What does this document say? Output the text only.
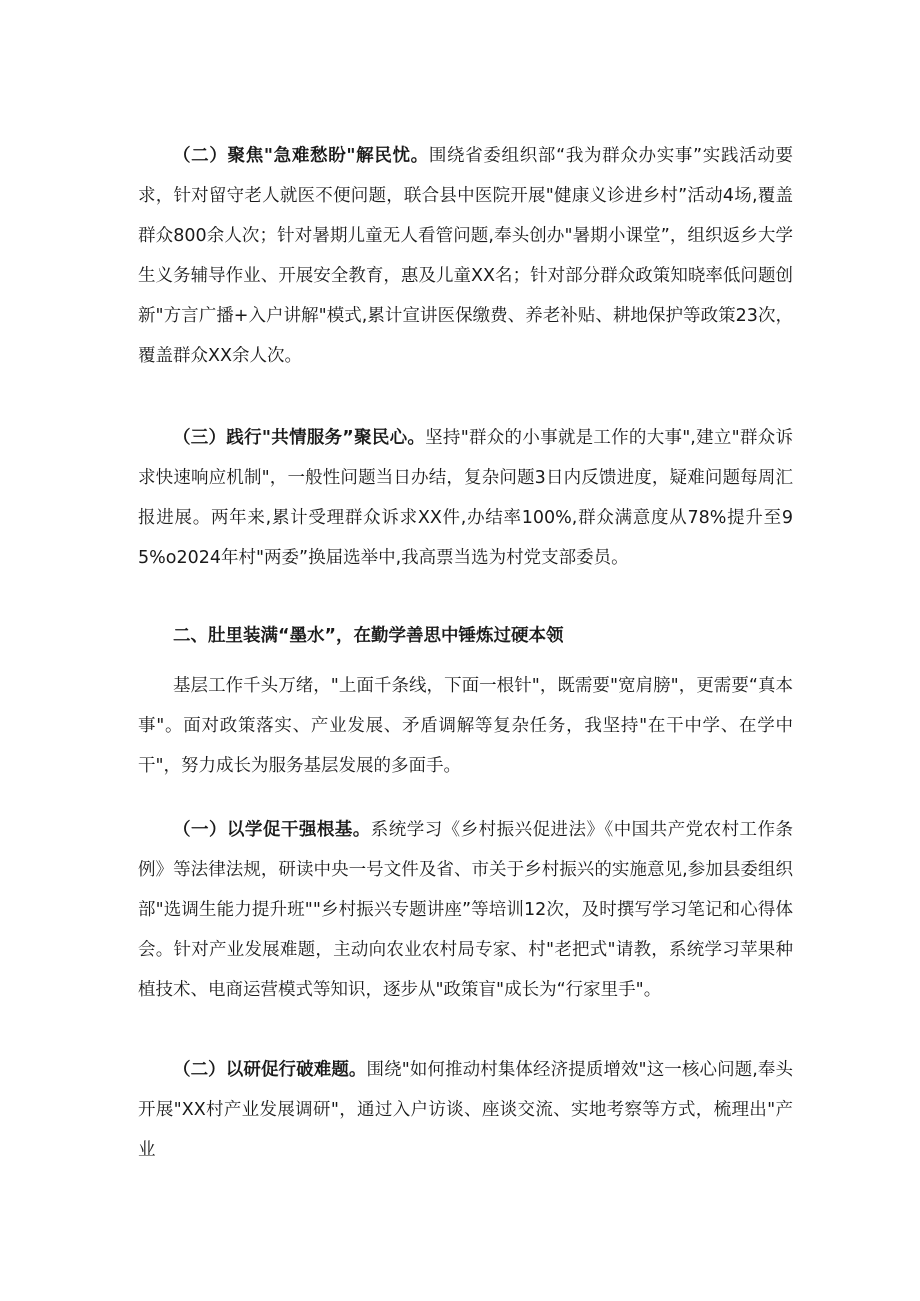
（二）聚焦"急难愁盼"解民忧。围绕省委组织部“我为群众办实事”实践活动要求，针对留守老人就医不便问题，联合县中医院开展"健康义诊进乡村”活动4场,覆盖群众800余人次；针对暑期儿童无人看管问题,奉头创办"暑期小课堂”，组织返乡大学生义务辅导作业、开展安全教育，惠及儿童XX名；针对部分群众政策知晓率低问题创新"方言广播+入户讲解"模式,累计宣讲医保缴费、养老补贴、耕地保护等政策23次，覆盖群众XX余人次。

（三）践行"共情服务”聚民心。坚持"群众的小事就是工作的大事",建立"群众诉求快速响应机制"，一般性问题当日办结，复杂问题3日内反馈进度，疑难问题每周汇报进展。两年来,累计受理群众诉求XX件,办结率100%,群众满意度从78%提升至95%o2024年村"两委”换届选举中,我高票当选为村党支部委员。

二、肚里装满“墨水”，在勤学善思中锤炼过硬本领

基层工作千头万绪，"上面千条线，下面一根针"，既需要"宽肩膀"，更需要“真本事"。面对政策落实、产业发展、矛盾调解等复杂任务，我坚持"在干中学、在学中干"，努力成长为服务基层发展的多面手。

（一）以学促干强根基。系统学习《乡村振兴促进法》《中国共产党农村工作条例》等法律法规，研读中央一号文件及省、市关于乡村振兴的实施意见,参加县委组织部"选调生能力提升班""乡村振兴专题讲座”等培训12次，及时撰写学习笔记和心得体会。针对产业发展难题，主动向农业农村局专家、村"老把式"请教，系统学习苹果种植技术、电商运营模式等知识，逐步从"政策盲"成长为“行家里手"。

（二）以研促行破难题。围绕"如何推动村集体经济提质增效"这一核心问题,奉头开展"XX村产业发展调研"，通过入户访谈、座谈交流、实地考察等方式，梳理出"产业
